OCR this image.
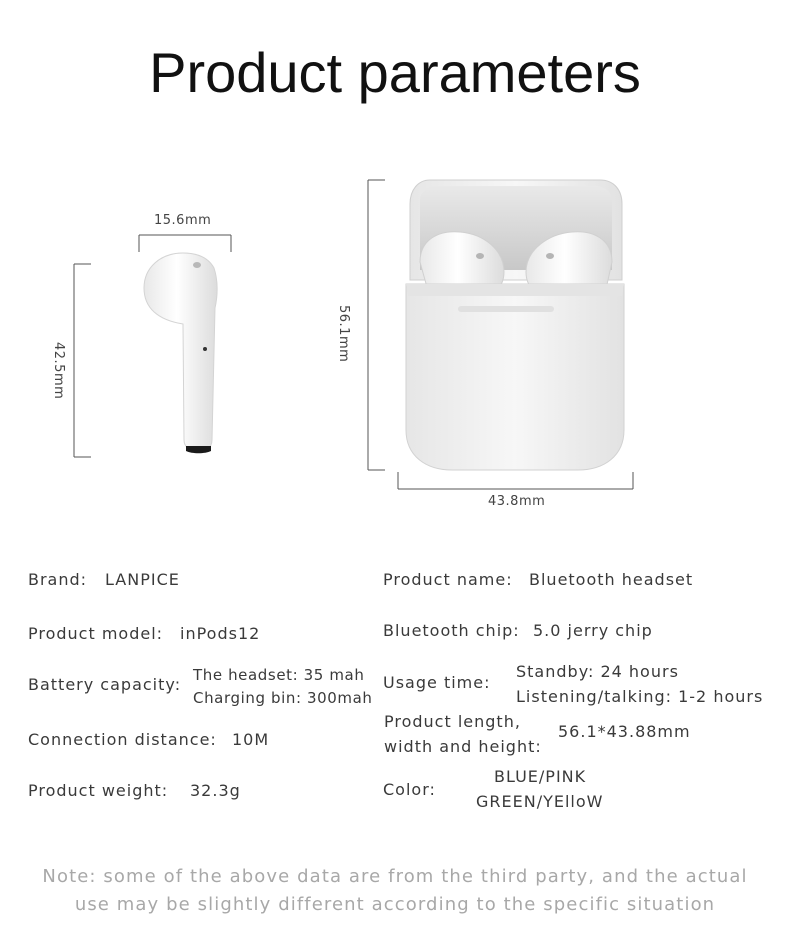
Product parameters
15.6mm
42.5mm
56.1mm
43.8mm
Brand: LANPICE
Product model: inPods12
Battery capacity: The headset: 35 mah
Charging bin: 300mah
Connection distance: 10M
Product weight: 32.3g
Product name: Bluetooth headset
Bluetooth chip: 5.0 jerry chip
Usage time:
Standby: 24 hours
Listening/talking: 1-2 hours
Product length,
width and height:
56.1*43.88mm
Color:
BLUE/PINK
GREEN/YEll​oW
Note: some of the above data are from the third party, and the actual
use may be slightly different according to the specific situation
